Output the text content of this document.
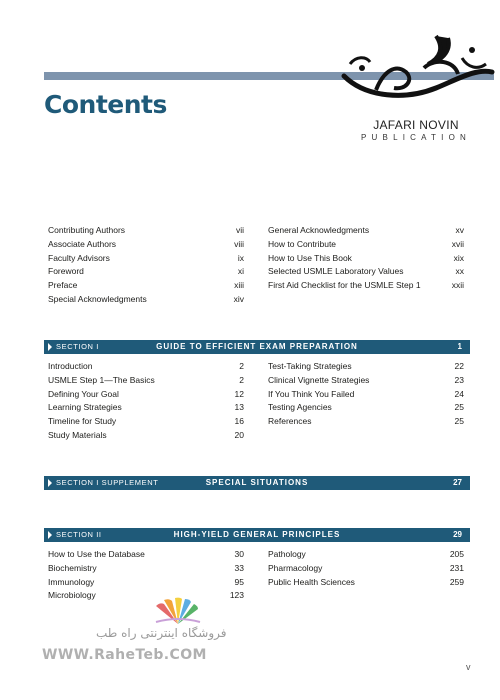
Contents
JAFARI NOVIN
PUBLICATION
Contributing Authors	vii
Associate Authors	viii
Faculty Advisors	ix
Foreword	xi
Preface	xiii
Special Acknowledgments	xiv
General Acknowledgments	xv
How to Contribute	xvii
How to Use This Book	xix
Selected USMLE Laboratory Values	xx
First Aid Checklist for the USMLE Step 1	xxii
SECTION I	GUIDE TO EFFICIENT EXAM PREPARATION	1
Introduction	2
USMLE Step 1—The Basics	2
Defining Your Goal	12
Learning Strategies	13
Timeline for Study	16
Study Materials	20
Test-Taking Strategies	22
Clinical Vignette Strategies	23
If You Think You Failed	24
Testing Agencies	25
References	25
SECTION I SUPPLEMENT	SPECIAL SITUATIONS	27
SECTION II	HIGH-YIELD GENERAL PRINCIPLES	29
How to Use the Database	30
Biochemistry	33
Immunology	95
Microbiology	123
Pathology	205
Pharmacology	231
Public Health Sciences	259
فروشگاه اینترنتی راه طب
WWW.RaheTeb.COM
v
